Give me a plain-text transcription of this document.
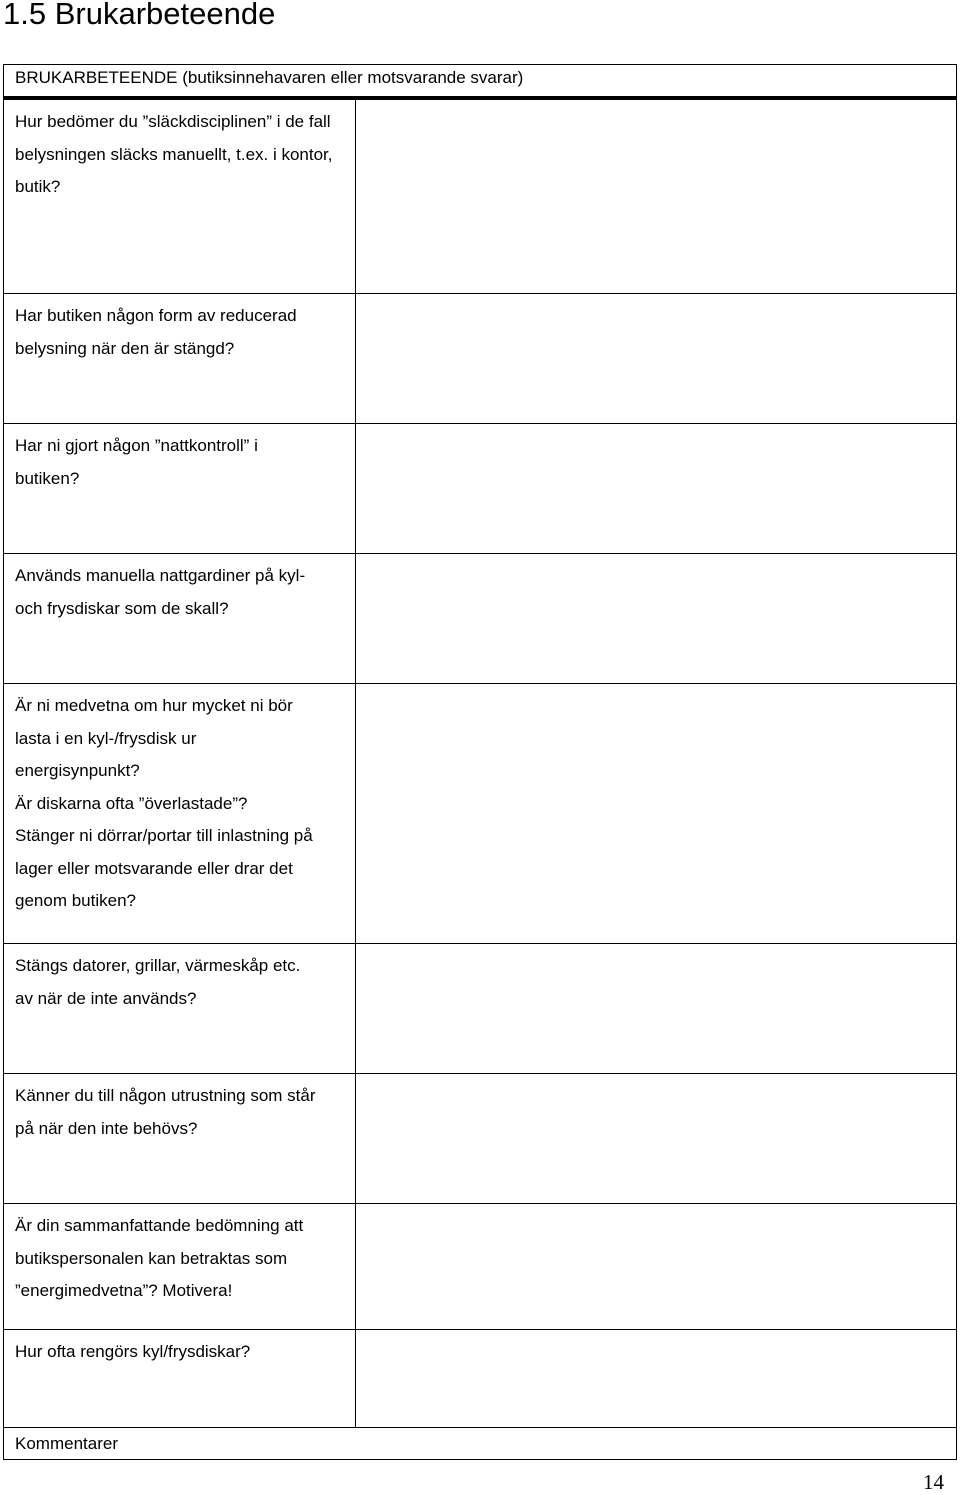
1.5 Brukarbeteende
BRUKARBETEENDE (butiksinnehavaren eller motsvarande svarar)
Hur bedömer du ”släckdisciplinen” i de fall belysningen släcks manuellt, t.ex. i kontor, butik?
Har butiken någon form av reducerad
belysning när den är stängd?
Har ni gjort någon ”nattkontroll” i
butiken?
Används manuella nattgardiner på kyl-
och frysdiskar som de skall?
Är ni medvetna om hur mycket ni bör
lasta i en kyl-/frysdisk ur
energisynpunkt?
Är diskarna ofta ”överlastade”?
Stänger ni dörrar/portar till inlastning på
lager eller motsvarande eller drar det
genom butiken?
Stängs datorer, grillar, värmeskåp etc.
av när de inte används?
Känner du till någon utrustning som står
på när den inte behövs?
Är din sammanfattande bedömning att
butikspersonalen kan betraktas som
”energimedvetna”? Motivera!
Hur ofta rengörs kyl/frysdiskar?
Kommentarer
14
